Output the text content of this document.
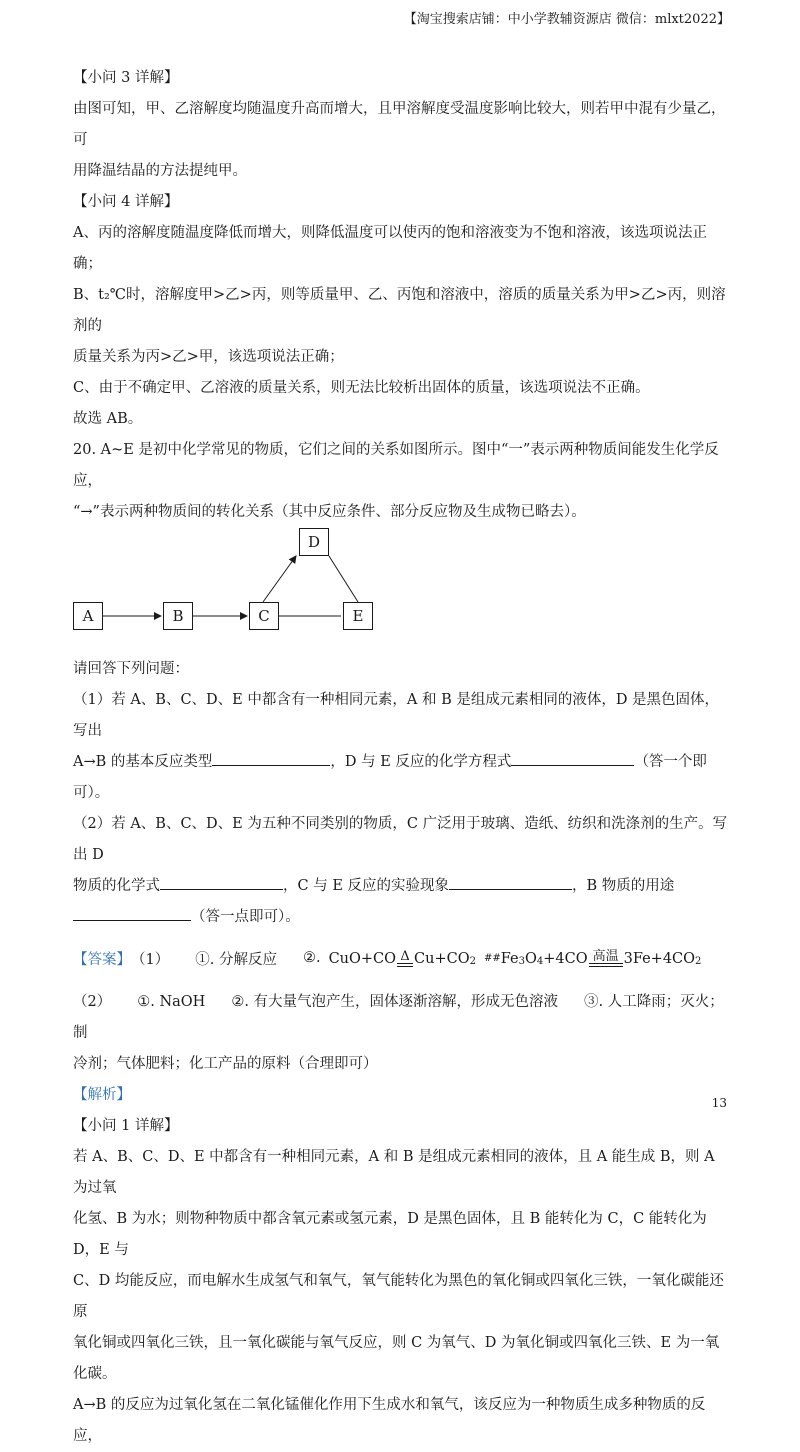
【淘宝搜索店铺：中小学教辅资源店 微信：mlxt2022】

【小问 3 详解】

由图可知，甲、乙溶解度均随温度升高而增大，且甲溶解度受温度影响比较大，则若甲中混有少量乙，可

用降温结晶的方法提纯甲。

【小问 4 详解】

A、丙的溶解度随温度降低而增大，则降低温度可以使丙的饱和溶液变为不饱和溶液，该选项说法正确；

B、t₂℃时，溶解度甲>乙>丙，则等质量甲、乙、丙饱和溶液中，溶质的质量关系为甲>乙>丙，则溶剂的

质量关系为丙>乙>甲，该选项说法正确；

C、由于不确定甲、乙溶液的质量关系，则无法比较析出固体的质量，该选项说法不正确。

故选 AB。

20. A~E 是初中化学常见的物质，它们之间的关系如图所示。图中“一”表示两种物质间能发生化学反应，

“→”表示两种物质间的转化关系（其中反应条件、部分反应物及生成物已略去）。

A	B	C
D
E

请回答下列问题：

（1）若 A、B、C、D、E 中都含有一种相同元素，A 和 B 是组成元素相同的液体，D 是黑色固体，写出

A→B 的基本反应类型	，D 与 E 反应的化学方程式	（答一个即可）。

（2）若 A、B、C、D、E 为五种不同类别的物质，C 广泛用于玻璃、造纸、纺织和洗涤剂的生产。写出 D

物质的化学式	，C 与 E 反应的实验现象	，B 物质的用途

（答一点即可）。

【答案】 （1） ①. 分解反应 ②. CuO+CO Δ Cu+CO 2 ## Fe 3 O 4 +4CO 高温 3Fe+4CO 2

（2） ①. NaOH ②. 有大量气泡产生，固体逐渐溶解，形成无色溶液 ③. 人工降雨；灭火；制

冷剂；气体肥料；化工产品的原料（合理即可）

【解析】

【小问 1 详解】

若 A、B、C、D、E 中都含有一种相同元素，A 和 B 是组成元素相同的液体，且 A 能生成 B，则 A 为过氧

化氢、B 为水；则物种物质中都含氧元素或氢元素，D 是黑色固体，且 B 能转化为 C，C 能转化为 D，E 与

C、D 均能反应，而电解水生成氢气和氧气，氧气能转化为黑色的氧化铜或四氧化三铁，一氧化碳能还原

氧化铜或四氧化三铁，且一氧化碳能与氧气反应，则 C 为氧气、D 为氧化铜或四氧化三铁、E 为一氧化碳。

A→B 的反应为过氧化氢在二氧化锰催化作用下生成水和氧气，该反应为一种物质生成多种物质的反应，

13
